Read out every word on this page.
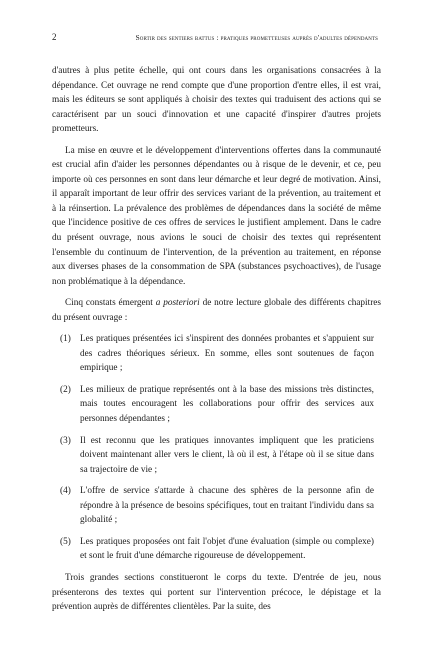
2	Sortir des sentiers battus : pratiques prometteuses auprès d'adultes dépendants

d'autres à plus petite échelle, qui ont cours dans les organisations consacrées à la dépendance. Cet ouvrage ne rend compte que d'une proportion d'entre elles, il est vrai, mais les éditeurs se sont appliqués à choisir des textes qui traduisent des actions qui se caractérisent par un souci d'innovation et une capacité d'inspirer d'autres projets prometteurs.

La mise en œuvre et le développement d'interventions offertes dans la communauté est crucial afin d'aider les personnes dépendantes ou à risque de le devenir, et ce, peu importe où ces personnes en sont dans leur démarche et leur degré de motivation. Ainsi, il apparaît important de leur offrir des services variant de la prévention, au traitement et à la réinsertion. La prévalence des problèmes de dépendances dans la société de même que l'incidence positive de ces offres de services le justifient amplement. Dans le cadre du présent ouvrage, nous avions le souci de choisir des textes qui représentent l'ensemble du continuum de l'intervention, de la prévention au traitement, en réponse aux diverses phases de la consommation de SPA (substances psychoactives), de l'usage non problématique à la dépendance.

Cinq constats émergent a posteriori de notre lecture globale des différents chapitres du présent ouvrage :

(1) Les pratiques présentées ici s'inspirent des données probantes et s'appuient sur des cadres théoriques sérieux. En somme, elles sont soutenues de façon empirique ;
(2) Les milieux de pratique représentés ont à la base des missions très distinctes, mais toutes encouragent les collaborations pour offrir des services aux personnes dépendantes ;
(3) Il est reconnu que les pratiques innovantes impliquent que les praticiens doivent maintenant aller vers le client, là où il est, à l'étape où il se situe dans sa trajectoire de vie ;
(4) L'offre de service s'attarde à chacune des sphères de la personne afin de répondre à la présence de besoins spécifiques, tout en traitant l'individu dans sa globalité ;
(5) Les pratiques proposées ont fait l'objet d'une évaluation (simple ou complexe) et sont le fruit d'une démarche rigoureuse de développement.

Trois grandes sections constitueront le corps du texte. D'entrée de jeu, nous présenterons des textes qui portent sur l'intervention précoce, le dépistage et la prévention auprès de différentes clientèles. Par la suite, des
